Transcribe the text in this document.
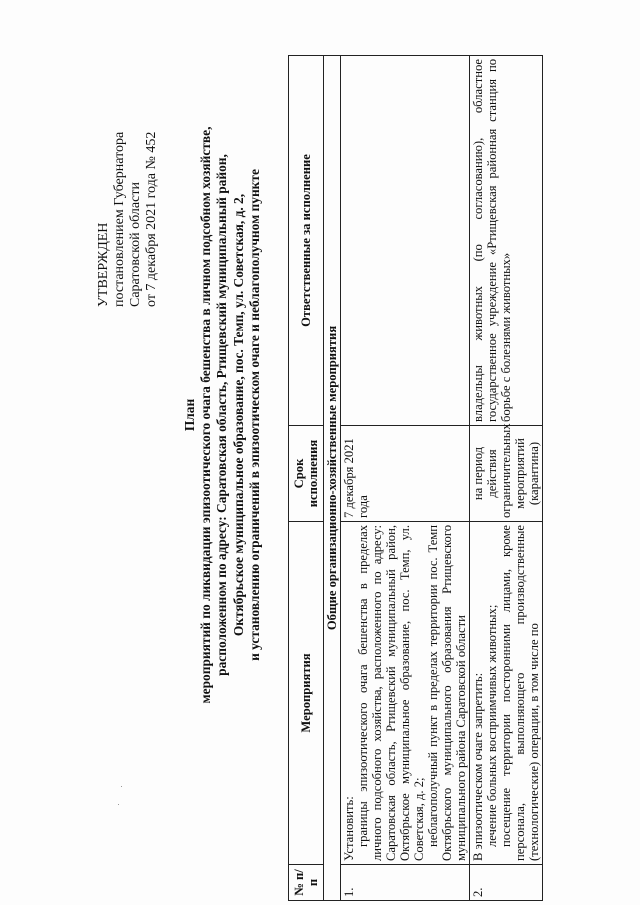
УТВЕРЖДЕН постановлением Губернатора Саратовской области от 7 декабря 2021 года № 452
План мероприятий по ликвидации эпизоотического очага бешенства в личном подсобном хозяйстве, расположенном по адресу: Саратовская область, Ртищевский муниципальный район, Октябрьское муниципальное образование, пос. Темп, ул. Советская, д. 2, и установлению ограничений в эпизоотическом очаге и неблагополучном пункте
№ п/п	Мероприятия	Срок исполнения	Ответственные за исполнение
Общие организационно-хозяйственные мероприятия			
1.	Установить: границы эпизоотического очага бешенства в пределах личного подсобного хозяйства, расположенного по адресу: Саратовская область, Ртищевский муниципальный район, Октябрьское муниципальное образование, пос. Темп, ул. Советская, д. 2; неблагополучный пункт в пределах территории пос. Темп Октябрьского муниципального образования Ртищевского муниципального района Саратовской области	7 декабря 2021 года	
2.	В эпизоотическом очаге запретить: лечение больных восприимчивых животных; посещение территории посторонними лицами, кроме персонала, выполняющего производственные (технологические) операции, в том числе по	на период действия ограничительных мероприятий (карантина)	владельцы животных (по согласованию), областное государственное учреждение «Ртищевская районная станция по борьбе с болезнями животных»
